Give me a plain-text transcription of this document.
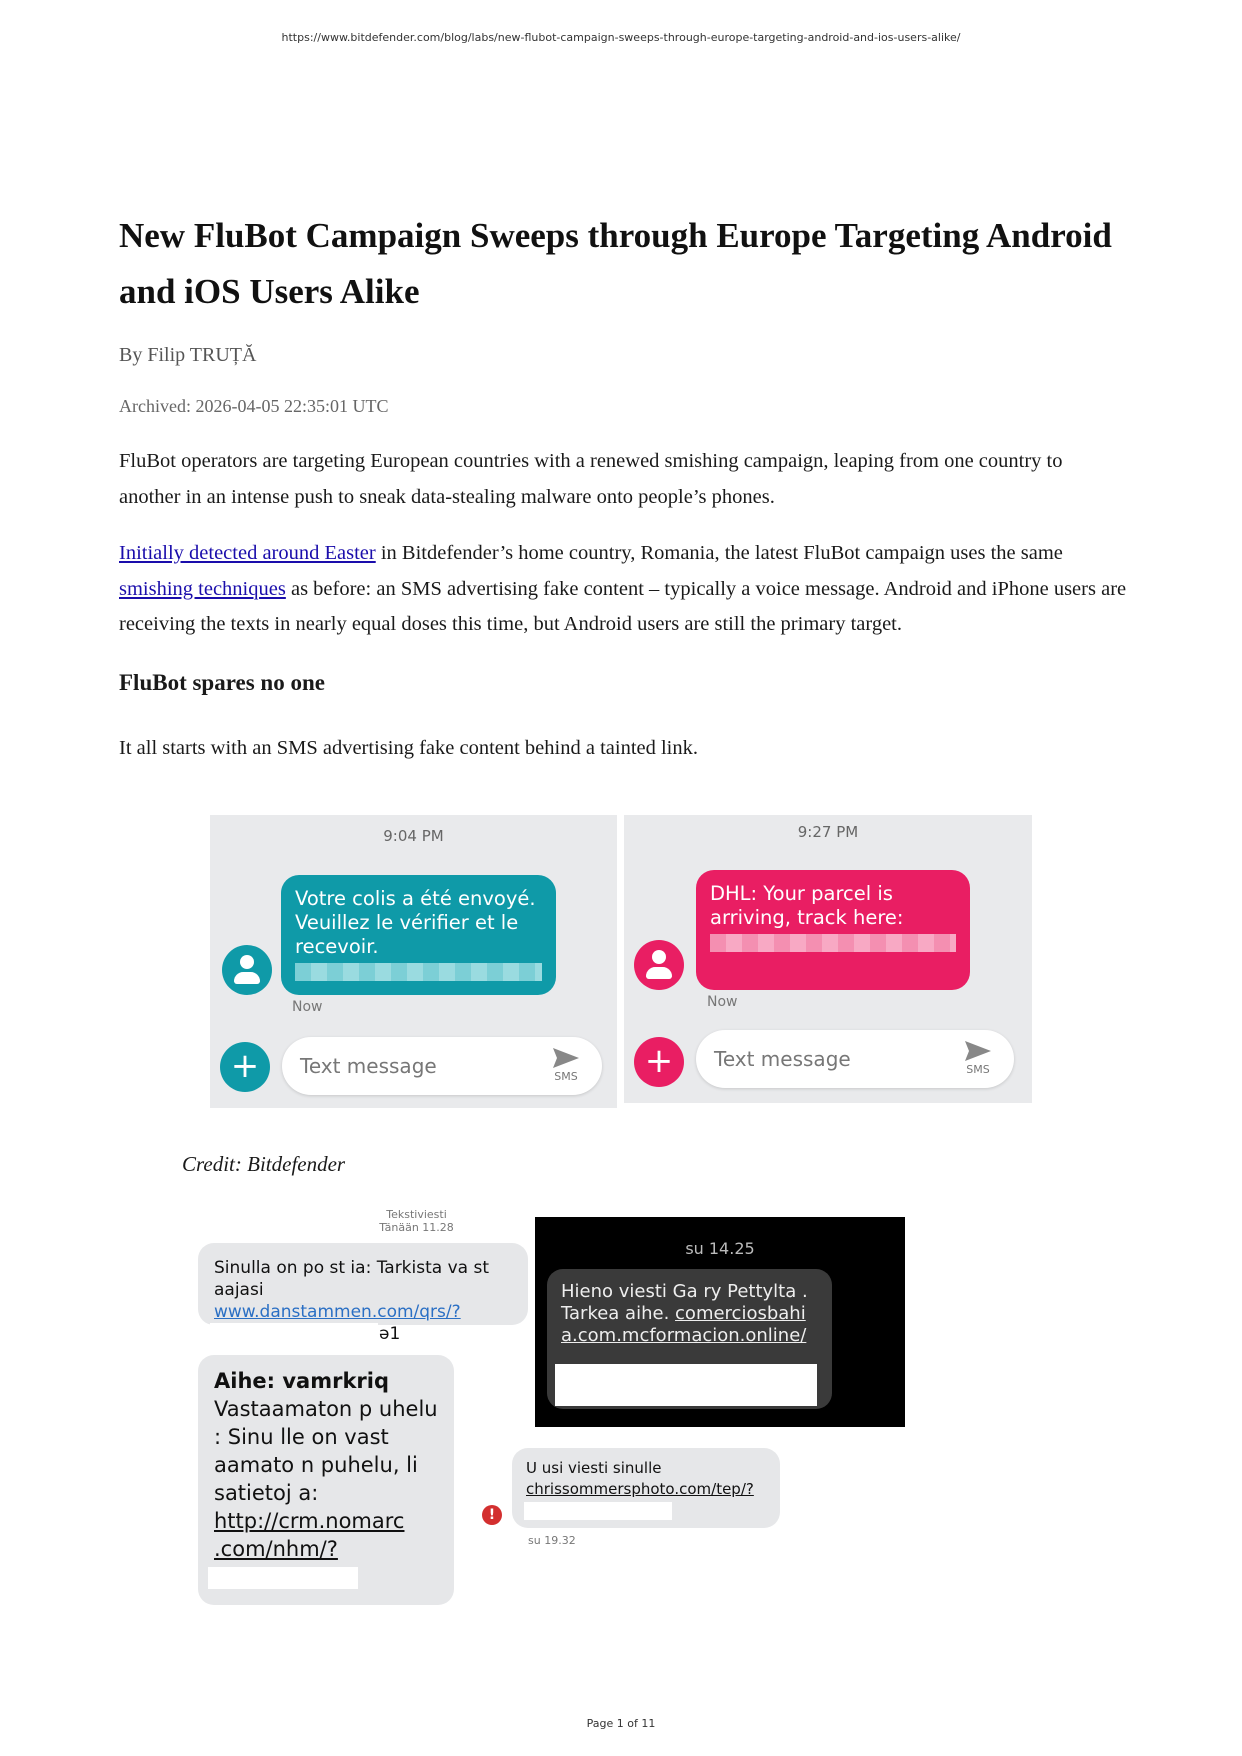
https://www.bitdefender.com/blog/labs/new-flubot-campaign-sweeps-through-europe-targeting-android-and-ios-users-alike/
New FluBot Campaign Sweeps through Europe Targeting Android and iOS Users Alike
By Filip TRUȚĂ
Archived: 2026-04-05 22:35:01 UTC

FluBot operators are targeting European countries with a renewed smishing campaign, leaping from one country to another in an intense push to sneak data-stealing malware onto people’s phones.

Initially detected around Easter in Bitdefender’s home country, Romania, the latest FluBot campaign uses the same smishing techniques as before: an SMS advertising fake content – typically a voice message. Android and iPhone users are receiving the texts in nearly equal doses this time, but Android users are still the primary target.

FluBot spares no one

It all starts with an SMS advertising fake content behind a tainted link.

9:04 PM
Votre colis a été envoyé. Veuillez le vérifier et le recevoir.
Now
+	Text message	SMS
9:27 PM
DHL: Your parcel is arriving, track here:
Now
+	Text message	SMS
Credit: Bitdefender
Tekstiviesti
Tänään 11.28
Sinulla on po st ia: Tarkista va st aajasi www.danstammen.com/qrs/?
ə1
Aihe: vamrkriq
Vastaamaton p uhelu : Sinu lle on vast aamato n puhelu, li satietoj a:
http://crm.nomarc .com/nhm/?
su 14.25
Hieno viesti Ga ry Pettylta . Tarkea aihe. comerciosbahi a.com.mcformacion.online/
!
U usi viesti sinulle
chrissommersphoto.com/tep/?
su 19.32
Page 1 of 11
